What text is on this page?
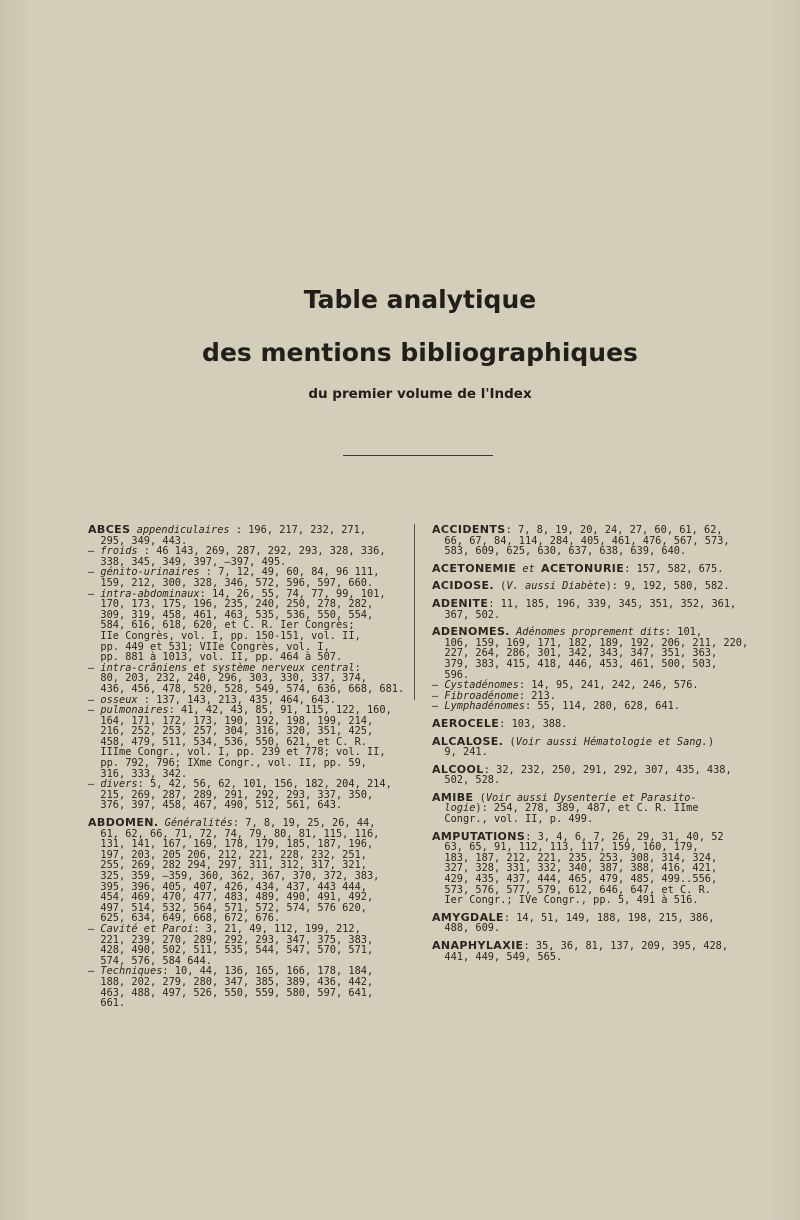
Table analytique
des mentions bibliographiques
du premier volume de l'Index
ABCES appendiculaires : 196, 217, 232, 271,
295, 349, 443.
— froids : 46 143, 269, 287, 292, 293, 328, 336,
338, 345, 349, 397, —397, 495.
— génito-urinaires : 7, 12, 49, 60, 84, 96 111,
159, 212, 300, 328, 346, 572, 596, 597, 660.
— intra-abdominaux: 14, 26, 55, 74, 77, 99, 101,
170, 173, 175, 196, 235, 240, 250, 278, 282,
309, 319, 458, 461, 463, 535, 536, 550, 554,
584, 616, 618, 620, et C. R. Ier Congrès;
IIe Congrès, vol. I, pp. 150-151, vol. II,
pp. 449 et 531; VIIe Congrès, vol. I,
pp. 881 à 1013, vol. II, pp. 464 à 507.
— intra-crâniens et système nerveux central:
80, 203, 232, 240, 296, 303, 330, 337, 374,
436, 456, 478, 520, 528, 549, 574, 636, 668, 681.
— osseux : 137, 143, 213, 435, 464, 643.
— pulmonaires: 41, 42, 43, 85, 91, 115, 122, 160,
164, 171, 172, 173, 190, 192, 198, 199, 214,
216, 252, 253, 257, 304, 316, 320, 351, 425,
458, 479, 511, 534, 536, 550, 621, et C. R.
IIIme Congr., vol. I, pp. 239 et 778; vol. II,
pp. 792, 796; IXme Congr., vol. II, pp. 59,
316, 333, 342.
— divers: 5, 42, 56, 62, 101, 156, 182, 204, 214,
215, 269, 287, 289, 291, 292, 293, 337, 350,
376, 397, 458, 467, 490, 512, 561, 643.
ABDOMEN. Généralités: 7, 8, 19, 25, 26, 44,
61, 62, 66, 71, 72, 74, 79, 80, 81, 115, 116,
131, 141, 167, 169, 178, 179, 185, 187, 196,
197, 203, 205 206, 212, 221, 228, 232, 251,
255, 269, 282 294, 297, 311, 312, 317, 321,
325, 359, —359, 360, 362, 367, 370, 372, 383,
395, 396, 405, 407, 426, 434, 437, 443 444,
454, 469, 470, 477, 483, 489, 490, 491, 492,
497, 514, 532, 564, 571, 572, 574, 576 620,
625, 634, 649, 668, 672, 676.
— Cavité et Paroi: 3, 21, 49, 112, 199, 212,
221, 239, 270, 289, 292, 293, 347, 375, 383,
428, 490, 502, 511, 535, 544, 547, 570, 571,
574, 576, 584 644.
— Techniques: 10, 44, 136, 165, 166, 178, 184,
188, 202, 279, 280, 347, 385, 389, 436, 442,
463, 488, 497, 526, 550, 559, 580, 597, 641,
661.
ACCIDENTS: 7, 8, 19, 20, 24, 27, 60, 61, 62,
66, 67, 84, 114, 284, 405, 461, 476, 567, 573,
583, 609, 625, 630, 637, 638, 639, 640.
ACETONEMIE et ACETONURIE: 157, 582, 675.
ACIDOSE. (V. aussi Diabète): 9, 192, 580, 582.
ADENITE: 11, 185, 196, 339, 345, 351, 352, 361,
367, 502.
ADENOMES. Adénomes proprement dits: 101,
106, 159, 169, 171, 182, 189, 192, 206, 211, 220,
227, 264, 286, 301, 342, 343, 347, 351, 363,
379, 383, 415, 418, 446, 453, 461, 500, 503,
596.
— Cystadénomes: 14, 95, 241, 242, 246, 576.
— Fibroadénome: 213.
— Lymphadénomes: 55, 114, 280, 628, 641.
AEROCELE: 103, 388.
ALCALOSE. (Voir aussi Hématologie et Sang.)
9, 241.
ALCOOL: 32, 232, 250, 291, 292, 307, 435, 438,
502, 528.
AMIBE (Voir aussi Dysenterie et Parasito-
logie): 254, 278, 389, 487, et C. R. IIme
Congr., vol. II, p. 499.
AMPUTATIONS: 3, 4, 6, 7, 26, 29, 31, 40, 52
63, 65, 91, 112, 113, 117, 159, 160, 179,
183, 187, 212, 221, 235, 253, 308, 314, 324,
327, 328, 331, 332, 340, 387, 388, 416, 421,
429, 435, 437, 444, 465, 479, 485, 499..556,
573, 576, 577, 579, 612, 646, 647, et C. R.
Ier Congr.; IVe Congr., pp. 5, 491 à 516.
AMYGDALE: 14, 51, 149, 188, 198, 215, 386,
488, 609.
ANAPHYLAXIE: 35, 36, 81, 137, 209, 395, 428,
441, 449, 549, 565.
